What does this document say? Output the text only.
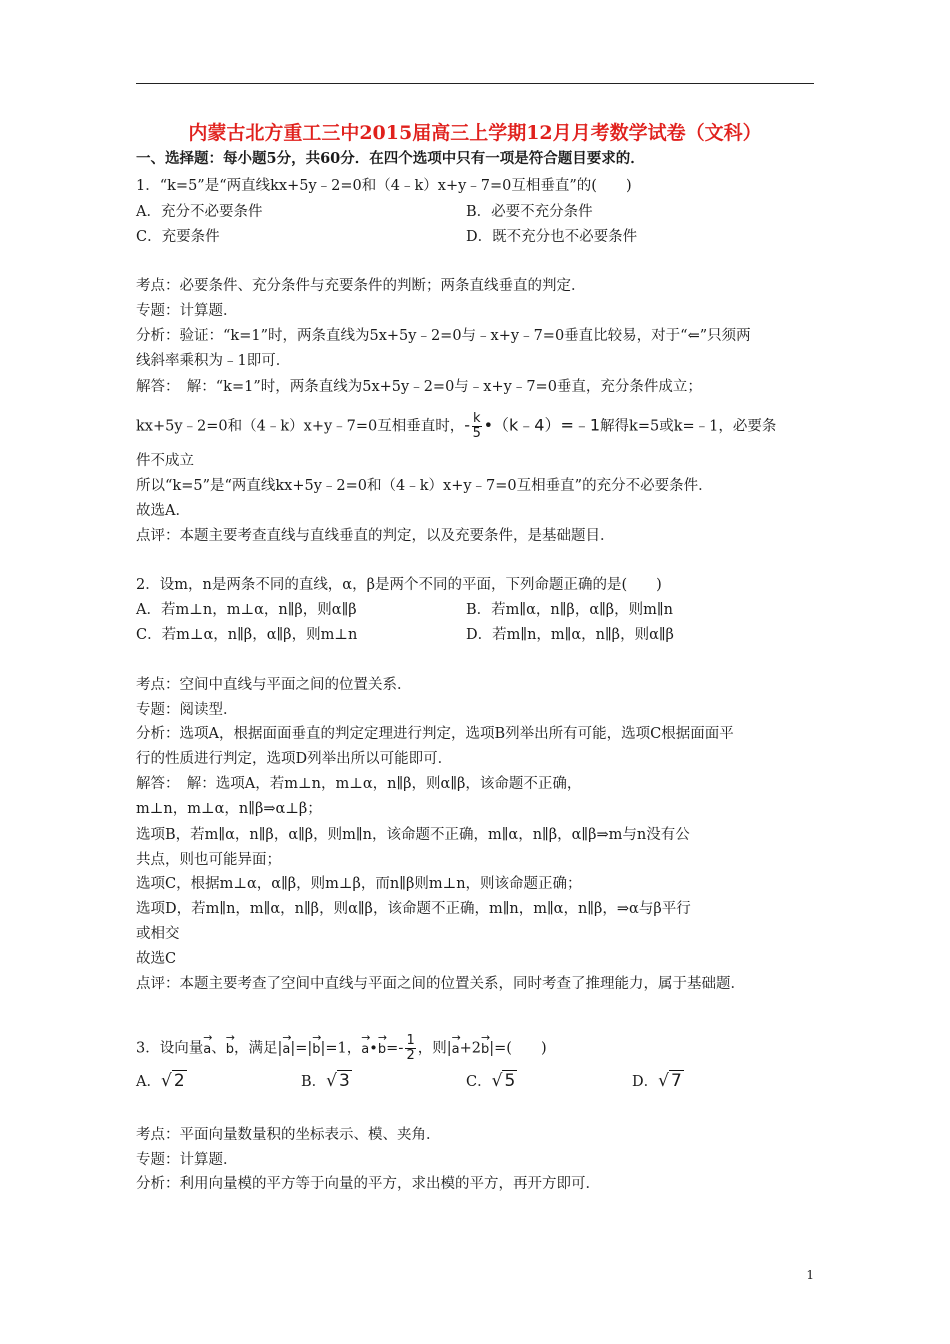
内蒙古北方重工三中2015届高三上学期12月月考数学试卷（文科）
一、选择题：每小题5分，共60分．在四个选项中只有一项是符合题目要求的．
1．“k=5”是“两直线kx+5y﹣2=0和（4﹣k）x+y﹣7=0互相垂直”的(　　)
A．充分不必要条件	B．必要不充分条件
C．充要条件	D．既不充分也不必要条件
考点：必要条件、充分条件与充要条件的判断；两条直线垂直的判定．
专题：计算题．
分析：验证：“k=1”时，两条直线为5x+5y﹣2=0与﹣x+y﹣7=0垂直比较易，对于“⇐”只须两
线斜率乘积为﹣1即可．
解答：　解：“k=1”时，两条直线为5x+5y﹣2=0与﹣x+y﹣7=0垂直，充分条件成立；
kx+5y﹣2=0和（4﹣k）x+y﹣7=0互相垂直时，- $\frac{k}{5}$ •（k﹣4）=﹣1解得k=5或k=﹣1，必要条
件不成立
所以“k=5”是“两直线kx+5y﹣2=0和（4﹣k）x+y﹣7=0互相垂直”的充分不必要条件．
故选A．
点评：本题主要考查直线与直线垂直的判定，以及充要条件，是基础题目．
2．设m，n是两条不同的直线，α，β是两个不同的平面，下列命题正确的是(　　)
A．若m⊥n，m⊥α，n∥β，则α∥β	B．若m∥α，n∥β，α∥β，则m∥n
C．若m⊥α，n∥β，α∥β，则m⊥n	D．若m∥n，m∥α，n∥β，则α∥β
考点：空间中直线与平面之间的位置关系．
专题：阅读型．
分析：选项A，根据面面垂直的判定定理进行判定，选项B列举出所有可能，选项C根据面面平
行的性质进行判定，选项D列举出所以可能即可．
解答：　解：选项A，若m⊥n，m⊥α，n∥β，则α∥β，该命题不正确，
m⊥n，m⊥α，n∥β⇒α⊥β；
选项B，若m∥α，n∥β，α∥β，则m∥n，该命题不正确，m∥α，n∥β，α∥β⇒m与n没有公
共点，则也可能异面；
选项C，根据m⊥α，α∥β，则m⊥β，而n∥β则m⊥n，则该命题正确；
选项D，若m∥n，m∥α，n∥β，则α∥β，该命题不正确，m∥n，m∥α，n∥β，⇒α与β平行
或相交
故选C
点评：本题主要考查了空间中直线与平面之间的位置关系，同时考查了推理能力，属于基础题．
3．设向量→ a、→ b，满足|→ a|=|→ b|=1，→ a•→ $b=- \frac{1}{2}$ ，则|→ a+2→ b|=(　　)
A．√ 2	B．√ 3	C．√ 5	D．√ 7
考点：平面向量数量积的坐标表示、模、夹角．
专题：计算题．
分析：利用向量模的平方等于向量的平方，求出模的平方，再开方即可．
1
